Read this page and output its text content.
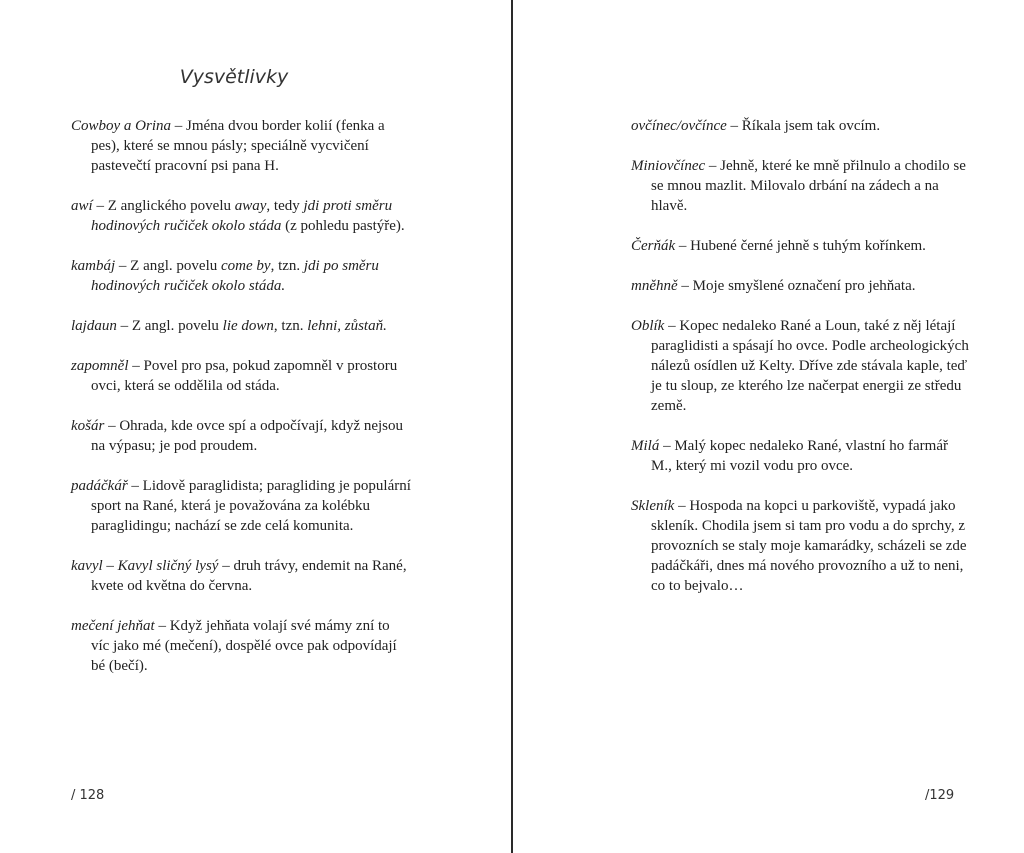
Vysvětlivky

Cowboy a Orina – Jména dvou border kolií (fenka a pes), které se mnou pásly; speciálně vycvičení pastevečtí pracovní psi pana H.

awí – Z anglického povelu away, tedy jdi proti směru hodinových ručiček okolo stáda (z pohledu pastýře).

kambáj – Z angl. povelu come by, tzn. jdi po směru hodinových ručiček okolo stáda.

lajdaun – Z angl. povelu lie down, tzn. lehni, zůstaň.

zapomněl – Povel pro psa, pokud zapomněl v prostoru ovci, která se oddělila od stáda.

košár – Ohrada, kde ovce spí a odpočívají, když nejsou na výpasu; je pod proudem.

padáčkář – Lidově paraglidista; paragliding je populární sport na Rané, která je považována za kolébku paraglidingu; nachází se zde celá komunita.

kavyl – Kavyl sličný lysý – druh trávy, endemit na Rané, kvete od května do června.

mečení jehňat – Když jehňata volají své mámy zní to víc jako mé (mečení), dospělé ovce pak odpovídají bé (bečí).

/ 128

ovčínec/ovčínce – Říkala jsem tak ovcím.

Miniovčínec – Jehně, které ke mně přilnulo a chodilo se se mnou mazlit. Milovalo drbání na zádech a na hlavě.

Čerňák – Hubené černé jehně s tuhým kořínkem.

mněhně – Moje smyšlené označení pro jehňata.

Oblík – Kopec nedaleko Rané a Loun, také z něj létají paraglidisti a spásají ho ovce. Podle archeologických nálezů osídlen už Kelty. Dříve zde stávala kaple, teď je tu sloup, ze kterého lze načerpat energii ze středu země.

Milá – Malý kopec nedaleko Rané, vlastní ho farmář M., který mi vozil vodu pro ovce.

Skleník – Hospoda na kopci u parkoviště, vypadá jako skleník. Chodila jsem si tam pro vodu a do sprchy, z provozních se staly moje kamarádky, scházeli se zde padáčkáři, dnes má nového provozního a už to neni, co to bejvalo…

/129
